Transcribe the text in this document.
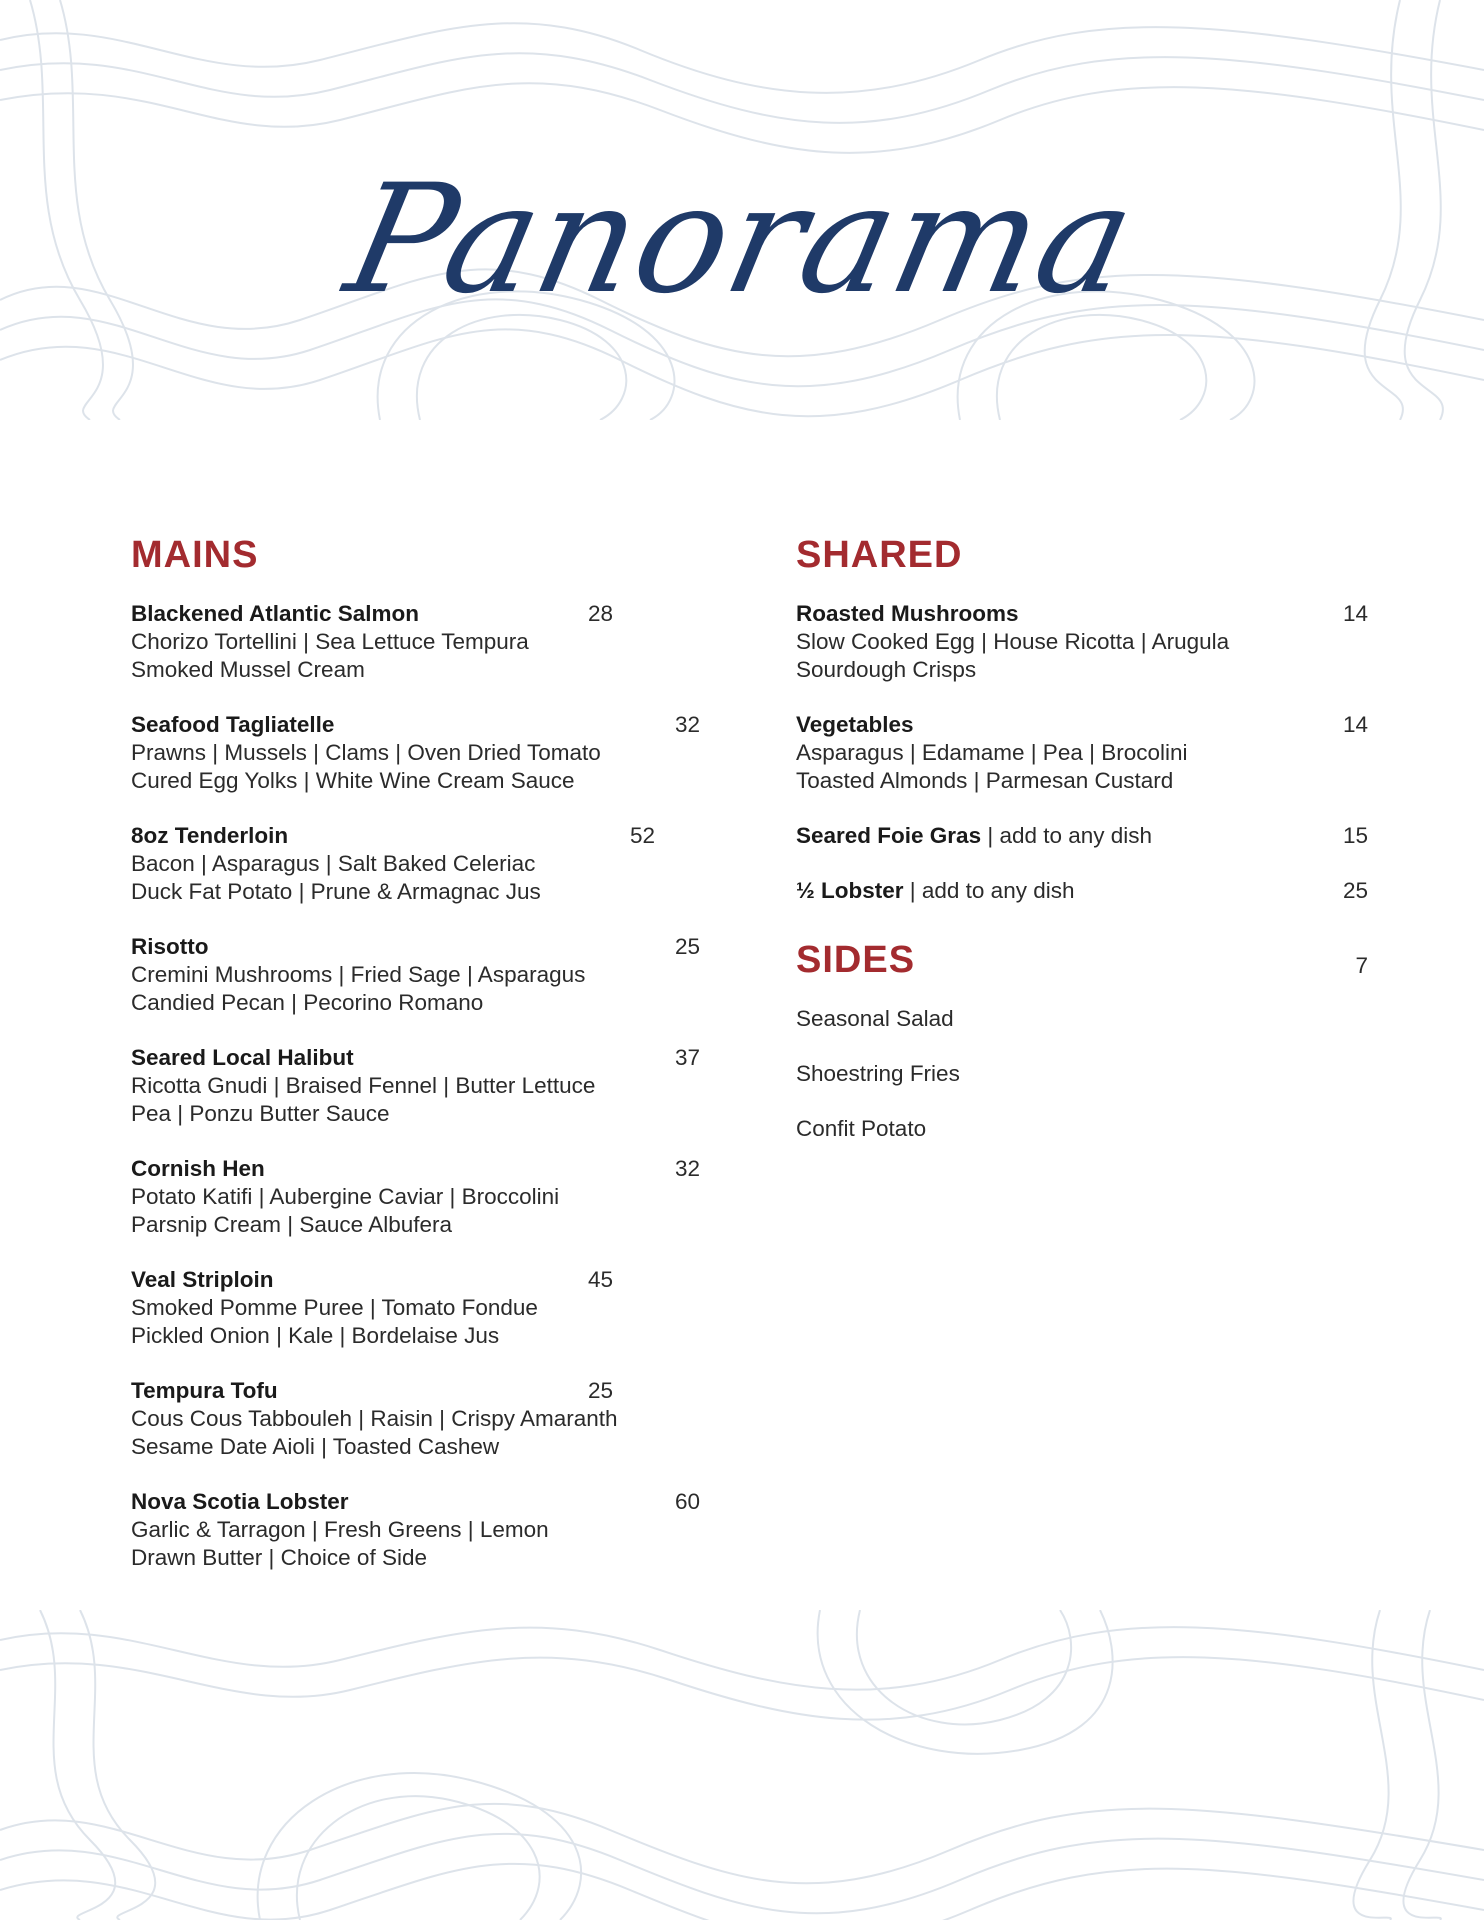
Panorama
MAINS
Blackened Atlantic Salmon	28
Chorizo Tortellini | Sea Lettuce Tempura
Smoked Mussel Cream
Seafood Tagliatelle	32
Prawns | Mussels | Clams | Oven Dried Tomato
Cured Egg Yolks | White Wine Cream Sauce
8oz Tenderloin	52
Bacon | Asparagus | Salt Baked Celeriac
Duck Fat Potato | Prune & Armagnac Jus
Risotto	25
Cremini Mushrooms | Fried Sage | Asparagus
Candied Pecan | Pecorino Romano
Seared Local Halibut	37
Ricotta Gnudi | Braised Fennel | Butter Lettuce
Pea | Ponzu Butter Sauce
Cornish Hen	32
Potato Katifi | Aubergine Caviar | Broccolini
Parsnip Cream | Sauce Albufera
Veal Striploin	45
Smoked Pomme Puree | Tomato Fondue
Pickled Onion | Kale | Bordelaise Jus
Tempura Tofu	25
Cous Cous Tabbouleh | Raisin | Crispy Amaranth
Sesame Date Aioli | Toasted Cashew
Nova Scotia Lobster	60
Garlic & Tarragon | Fresh Greens | Lemon
Drawn Butter | Choice of Side
SHARED
Roasted Mushrooms	14
Slow Cooked Egg | House Ricotta | Arugula
Sourdough Crisps
Vegetables	14
Asparagus | Edamame | Pea | Brocolini
Toasted Almonds | Parmesan Custard
Seared Foie Gras | add to any dish	15
½ Lobster | add to any dish	25
SIDES	7
Seasonal Salad
Shoestring Fries
Confit Potato
